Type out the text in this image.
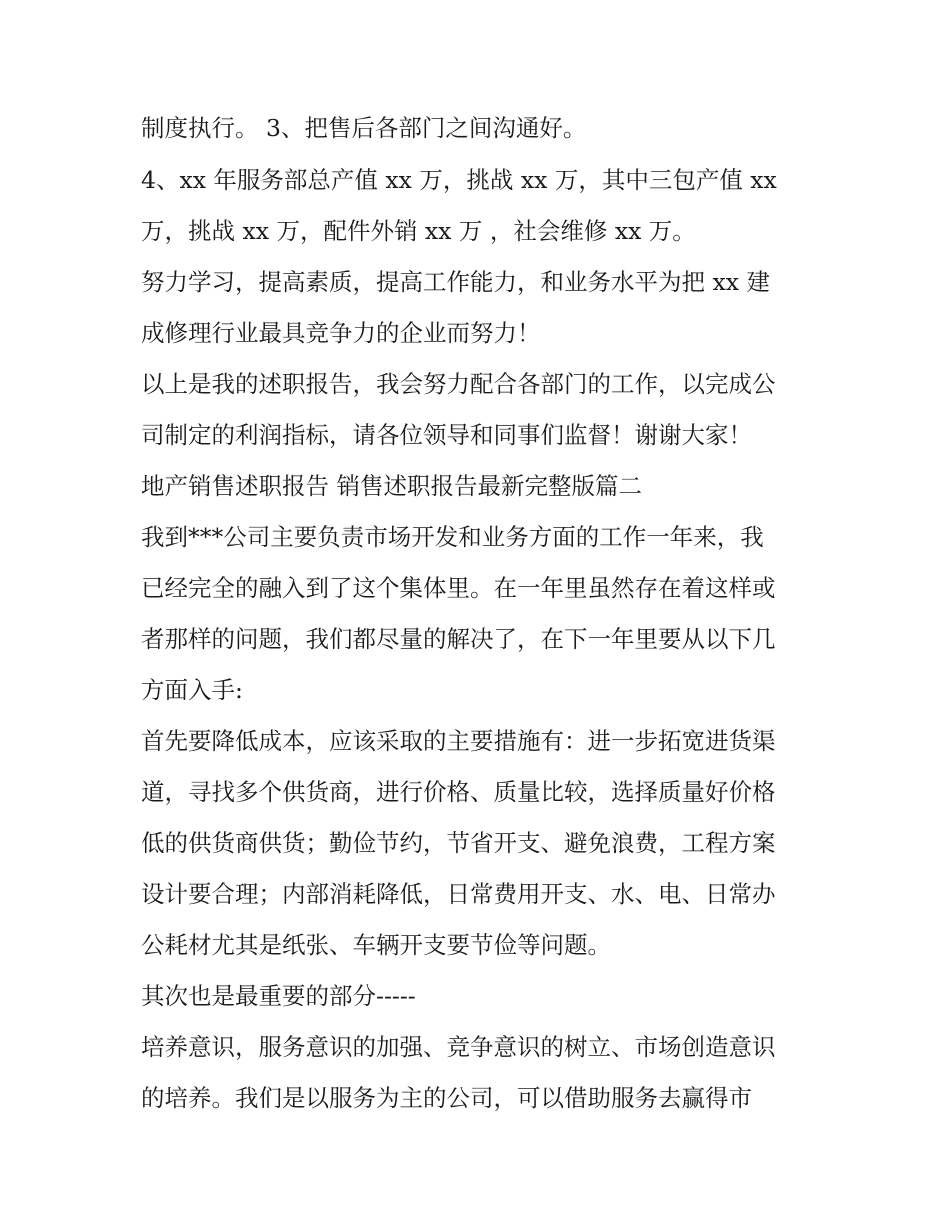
制度执行。 3、把售后各部门之间沟通好。
4、xx 年服务部总产值 xx 万，挑战 xx 万，其中三包产值 xx
万，挑战 xx 万，配件外销 xx 万 ，社会维修 xx 万。
努力学习，提高素质，提高工作能力，和业务水平为把 xx 建
成修理行业最具竞争力的企业而努力！
以上是我的述职报告，我会努力配合各部门的工作，以完成公
司制定的利润指标，请各位领导和同事们监督！谢谢大家！
地产销售述职报告 销售述职报告最新完整版篇二
我到***公司主要负责市场开发和业务方面的工作一年来，我
已经完全的融入到了这个集体里。在一年里虽然存在着这样或
者那样的问题，我们都尽量的解决了，在下一年里要从以下几
方面入手:
首先要降低成本，应该采取的主要措施有：进一步拓宽进货渠
道，寻找多个供货商，进行价格、质量比较，选择质量好价格
低的供货商供货；勤俭节约，节省开支、避免浪费，工程方案
设计要合理；内部消耗降低，日常费用开支、水、电、日常办
公耗材尤其是纸张、车辆开支要节俭等问题。
其次也是最重要的部分-----
培养意识，服务意识的加强、竞争意识的树立、市场创造意识
的培养。我们是以服务为主的公司，可以借助服务去赢得市
